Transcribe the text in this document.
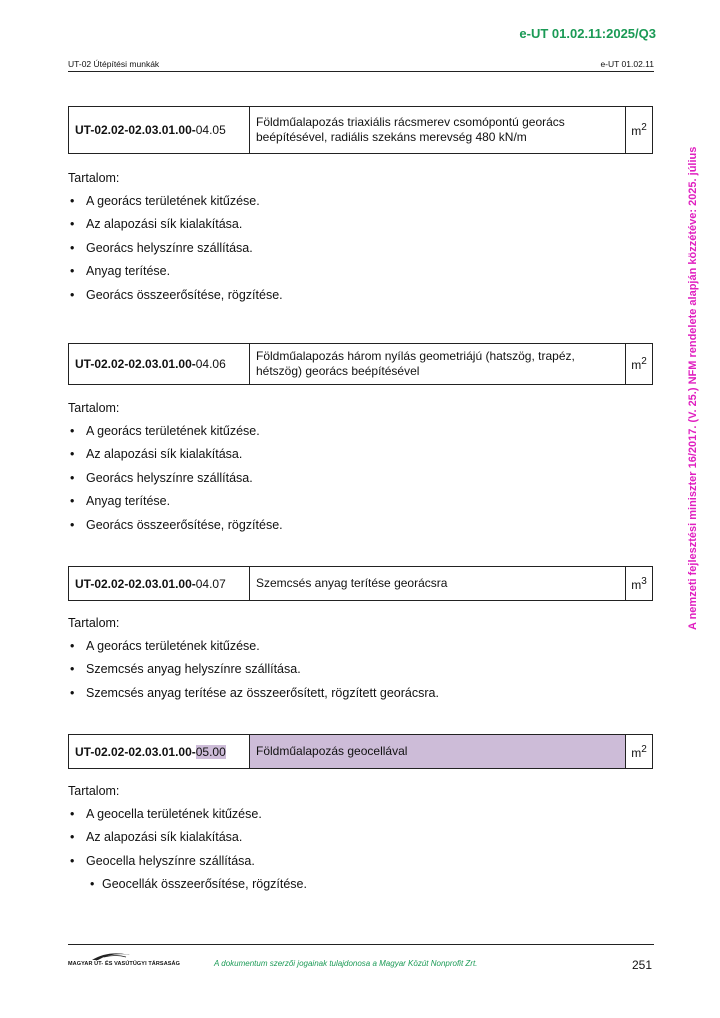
e-UT 01.02.11:2025/Q3
UT-02 Útépítési munkák	e-UT 01.02.11
A nemzeti fejlesztési miniszter 16/2017. (V. 25.) NFM rendelete alapján közzétéve: 2025. július
UT-02.02-02.03.01.00-04.05	Földműalapozás triaxiális rácsmerev csomópontú georács beépítésével, radiális szekáns merevség 480 kN/m	$m^2$
Tartalom:
• A georács területének kitűzése.
• Az alapozási sík kialakítása.
• Georács helyszínre szállítása.
• Anyag terítése.
• Georács összeerősítése, rögzítése.
UT-02.02-02.03.01.00-04.06	Földműalapozás három nyílás geometriájú (hatszög, trapéz, hétszög) georács beépítésével	$m^2$
Tartalom:
• A georács területének kitűzése.
• Az alapozási sík kialakítása.
• Georács helyszínre szállítása.
• Anyag terítése.
• Georács összeerősítése, rögzítése.
UT-02.02-02.03.01.00-04.07	Szemcsés anyag terítése georácsra	$m^3$
Tartalom:
• A georács területének kitűzése.
• Szemcsés anyag helyszínre szállítása.
• Szemcsés anyag terítése az összeerősített, rögzített georácsra.
UT-02.02-02.03.01.00-05.00	Földműalapozás geocellával	$m^2$
Tartalom:
• A geocella területének kitűzése.
• Az alapozási sík kialakítása.
• Geocella helyszínre szállítása.
• Geocellák összeerősítése, rögzítése.
MAGYAR ÚT- ÉS VASÚTÜGYI TÁRSASÁG	A dokumentum szerzői jogainak tulajdonosa a Magyar Közút Nonprofit Zrt.	251
